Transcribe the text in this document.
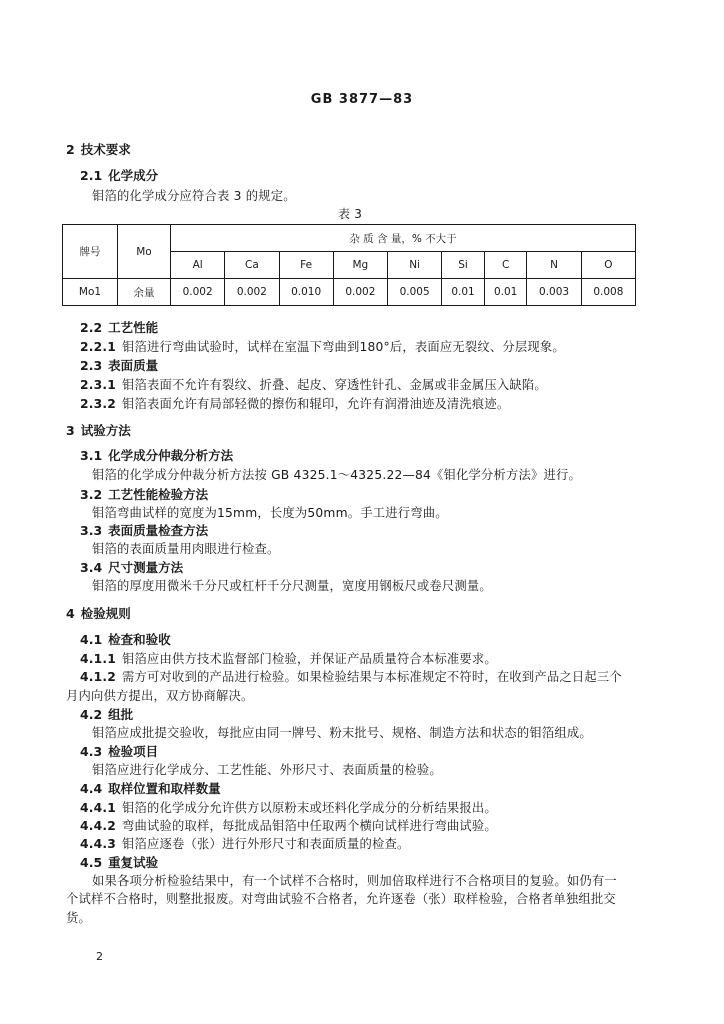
GB 3877—83
2 技术要求
2.1 化学成分
钼箔的化学成分应符合表 3 的规定。
表 3
牌号	Mo	杂 质 含 量，% 不大于								
		Al	Ca	Fe	Mg	Ni	Si	C	N	O
Mo1	余量	0.002	0.002	0.010	0.002	0.005	0.01	0.01	0.003	0.008
2.2 工艺性能
2.2.1 钼箔进行弯曲试验时，试样在室温下弯曲到180°后，表面应无裂纹、分层现象。
2.3 表面质量
2.3.1 钼箔表面不允许有裂纹、折叠、起皮、穿透性针孔、金属或非金属压入缺陷。
2.3.2 钼箔表面允许有局部轻微的擦伤和辊印，允许有润滑油迹及清洗痕迹。
3 试验方法
3.1 化学成分仲裁分析方法
钼箔的化学成分仲裁分析方法按 GB 4325.1～4325.22—84《钼化学分析方法》进行。
3.2 工艺性能检验方法
钼箔弯曲试样的宽度为15mm，长度为50mm。手工进行弯曲。
3.3 表面质量检查方法
钼箔的表面质量用肉眼进行检查。
3.4 尺寸测量方法
钼箔的厚度用微米千分尺或杠杆千分尺测量，宽度用钢板尺或卷尺测量。
4 检验规则
4.1 检查和验收
4.1.1 钼箔应由供方技术监督部门检验，并保证产品质量符合本标准要求。
4.1.2 需方可对收到的产品进行检验。如果检验结果与本标准规定不符时，在收到产品之日起三个
月内向供方提出，双方协商解决。
4.2 组批
钼箔应成批提交验收，每批应由同一牌号、粉末批号、规格、制造方法和状态的钼箔组成。
4.3 检验项目
钼箔应进行化学成分、工艺性能、外形尺寸、表面质量的检验。
4.4 取样位置和取样数量
4.4.1 钼箔的化学成分允许供方以原粉末或坯料化学成分的分析结果报出。
4.4.2 弯曲试验的取样，每批成品钼箔中任取两个横向试样进行弯曲试验。
4.4.3 钼箔应逐卷（张）进行外形尺寸和表面质量的检查。
4.5 重复试验
如果各项分析检验结果中，有一个试样不合格时，则加倍取样进行不合格项目的复验。如仍有一
个试样不合格时，则整批报废。对弯曲试验不合格者，允许逐卷（张）取样检验，合格者单独组批交
货。
2
